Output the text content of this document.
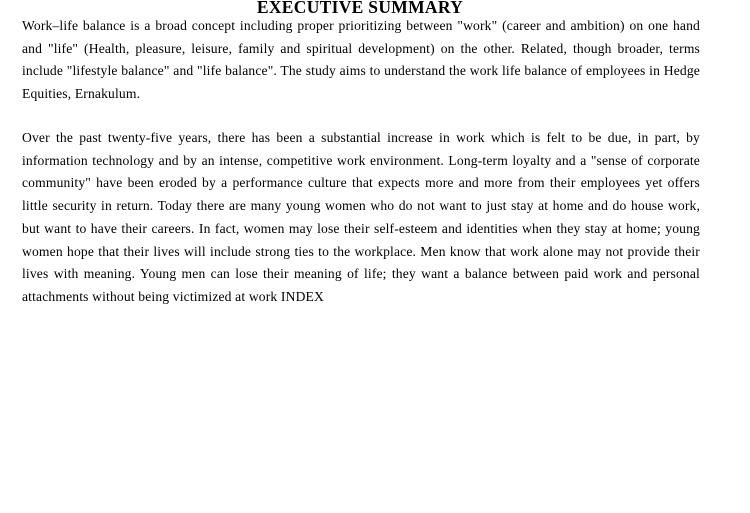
EXECUTIVE SUMMARY

Work–life balance is a broad concept including proper prioritizing between "work" (career and ambition) on one hand and "life" (Health, pleasure, leisure, family and spiritual development) on the other. Related, though broader, terms include "lifestyle balance" and "life balance". The study aims to understand the work life balance of employees in Hedge Equities, Ernakulum.

Over the past twenty-five years, there has been a substantial increase in work which is felt to be due, in part, by information technology and by an intense, competitive work environment. Long-term loyalty and a "sense of corporate community" have been eroded by a performance culture that expects more and more from their employees yet offers little security in return. Today there are many young women who do not want to just stay at home and do house work, but want to have their careers. In fact, women may lose their self-esteem and identities when they stay at home; young women hope that their lives will include strong ties to the workplace. Men know that work alone may not provide their lives with meaning. Young men can lose their meaning of life; they want a balance between paid work and personal attachments without being victimized at work INDEX
